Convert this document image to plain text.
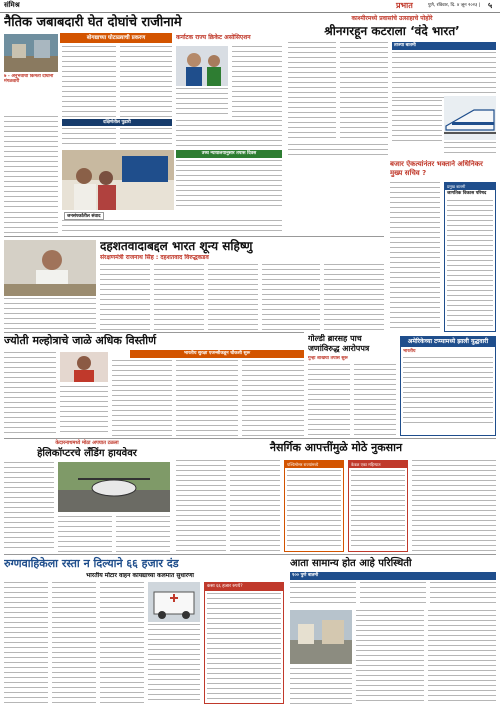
संमिश्र	प्रभात	पुणे, रविवार, दि. ४ जून २०२३ | ५
नैतिक जबाबदारी घेत दोघांचे राजीनामे
बोगद्याच्या घोटाळ्याची प्रकरण	कर्नाटक राज्य क्रिकेट असोसिएशन
७ - अनुभवाची किंमती दोघांनी मंगळवारी
दक्षिणेतील पुढारी
उच्च न्यायालयानुसार तपास दिवस
जनसंपर्कातील संवाद
काश्मीरमध्ये प्रवासांचे उत्साहाचे पोहोरे
श्रीनगरहून कटराला ‘वंदे भारत’
ताज्या बातमी
दहशतवादाबद्दल भारत शून्य सहिष्णु
संरक्षणमंत्री राजनाथ सिंह : दहशतवाद विरुद्धकडव
बजार ऐकत्यांनंतर भक्ताने अधिनिकर मुख्य सचिव ?
प्रमुख बातमी
जागतिक विकास परिषद
ज्योती मल्होत्राचे जाळे अधिक विस्तीर्ण
भारतीय सुरक्षा एजन्सीकडून चौकशी सुरू
गोल्डी ब्रारसह पाच जणांविरुद्ध आरोपपत्र
गुन्हा शाखेचा तपास सुरू
अमेरिकेच्या टप्प्यामध्ये झाली युद्धवारी
भारतीय
केदारनाथमध्ये मोठा अपघात टळला
हेलिकॉप्टरचे लँडिंग हायवेवर	नैसर्गिक आपत्तींमुळे मोठे नुकसान
पश्चिमोत्तर राज्यांमध्ये	केवळ एका महिन्यात
रुग्णवाहिकेला रस्ता न दिल्याने ६६ हजार दंड
भारतीय मोटार वाहन कायद्याच्या कलमात सुधारणा
कसा ६६ हजार रुपये?
आता सामान्य होत आहे परिस्थिती
१०० पुणे बातमी
